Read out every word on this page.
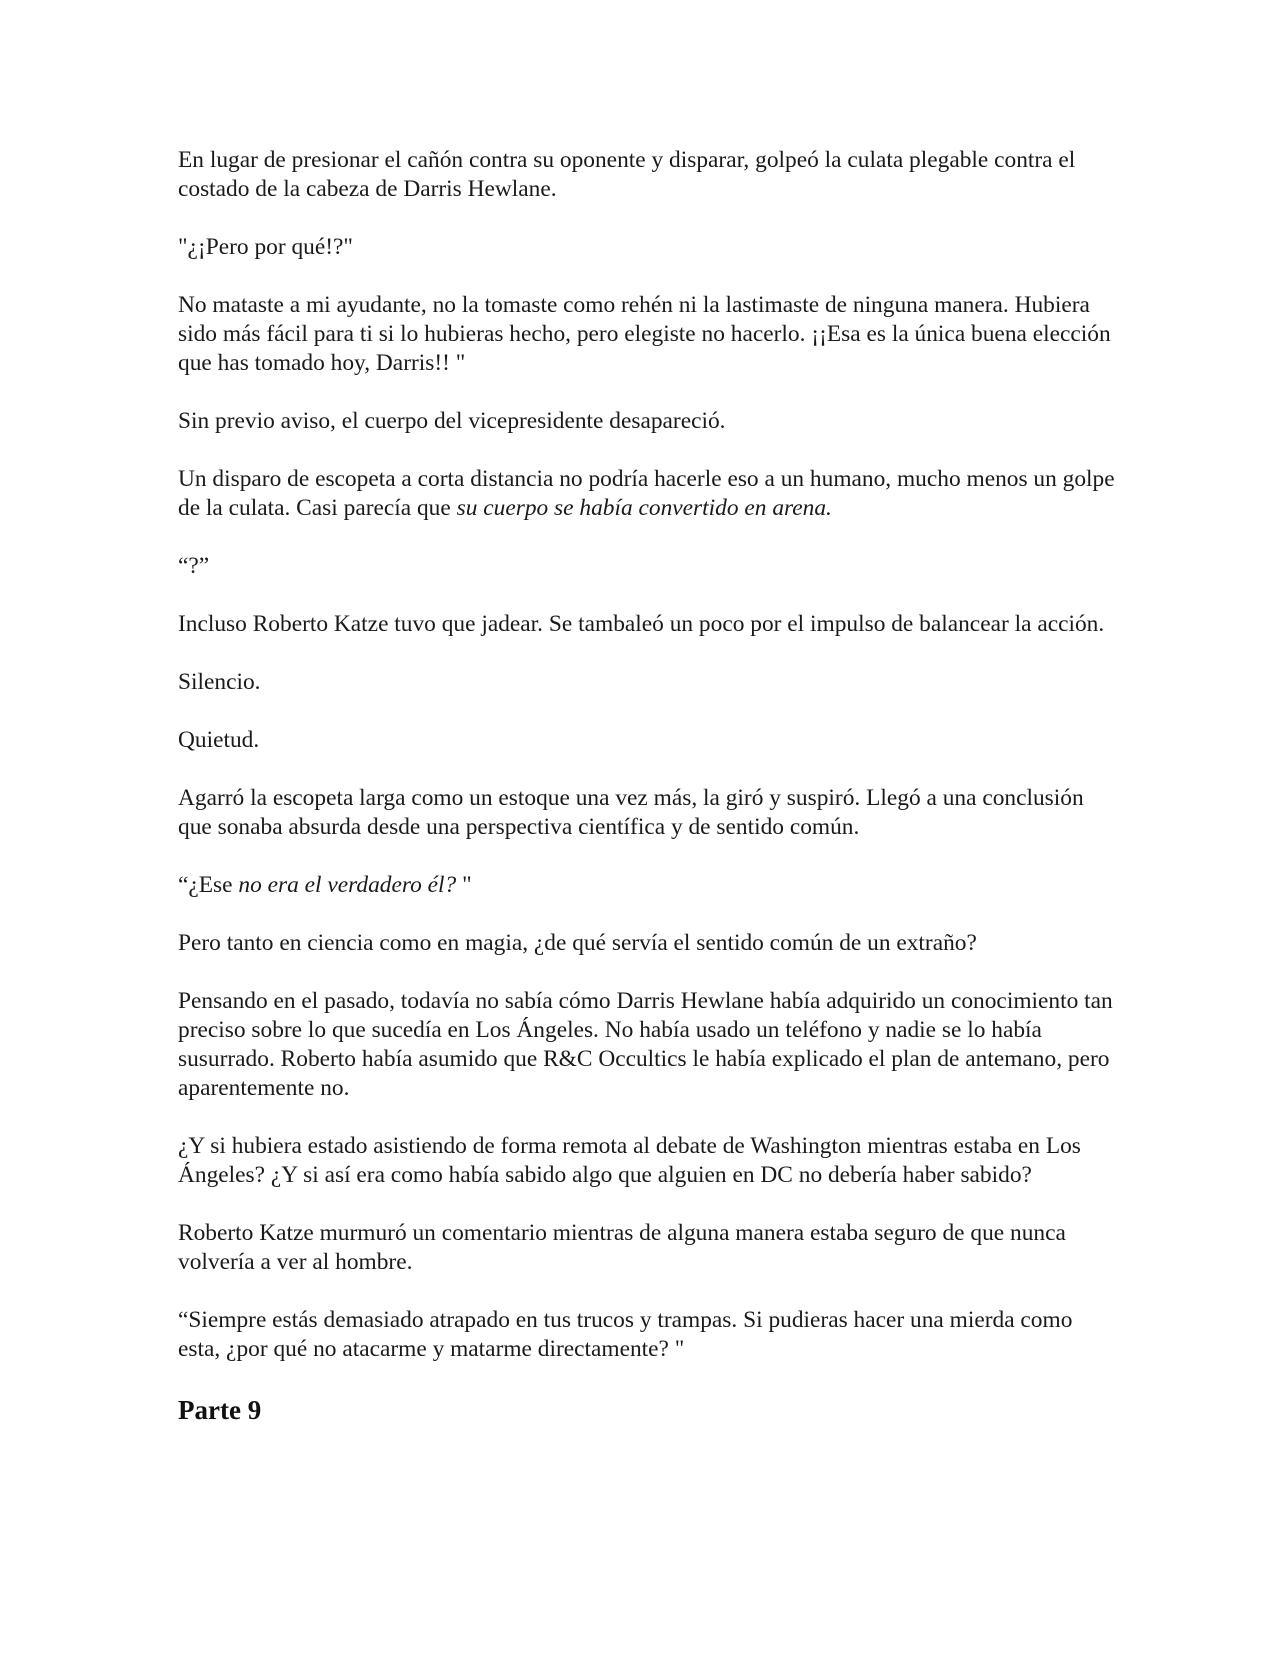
En lugar de presionar el cañón contra su oponente y disparar, golpeó la culata plegable contra el costado de la cabeza de Darris Hewlane.

"¿¡Pero por qué!?"

No mataste a mi ayudante, no la tomaste como rehén ni la lastimaste de ninguna manera. Hubiera sido más fácil para ti si lo hubieras hecho, pero elegiste no hacerlo. ¡¡Esa es la única buena elección que has tomado hoy, Darris!! "

Sin previo aviso, el cuerpo del vicepresidente desapareció.

Un disparo de escopeta a corta distancia no podría hacerle eso a un humano, mucho menos un golpe de la culata. Casi parecía que su cuerpo se había convertido en arena.

“?”

Incluso Roberto Katze tuvo que jadear. Se tambaleó un poco por el impulso de balancear la acción.

Silencio.

Quietud.

Agarró la escopeta larga como un estoque una vez más, la giró y suspiró. Llegó a una conclusión que sonaba absurda desde una perspectiva científica y de sentido común.

“¿Ese no era el verdadero él? "

Pero tanto en ciencia como en magia, ¿de qué servía el sentido común de un extraño?

Pensando en el pasado, todavía no sabía cómo Darris Hewlane había adquirido un conocimiento tan preciso sobre lo que sucedía en Los Ángeles. No había usado un teléfono y nadie se lo había susurrado. Roberto había asumido que R&C Occultics le había explicado el plan de antemano, pero aparentemente no.

¿Y si hubiera estado asistiendo de forma remota al debate de Washington mientras estaba en Los Ángeles? ¿Y si así era como había sabido algo que alguien en DC no debería haber sabido?

Roberto Katze murmuró un comentario mientras de alguna manera estaba seguro de que nunca volvería a ver al hombre.

“Siempre estás demasiado atrapado en tus trucos y trampas. Si pudieras hacer una mierda como esta, ¿por qué no atacarme y matarme directamente? "

Parte 9
